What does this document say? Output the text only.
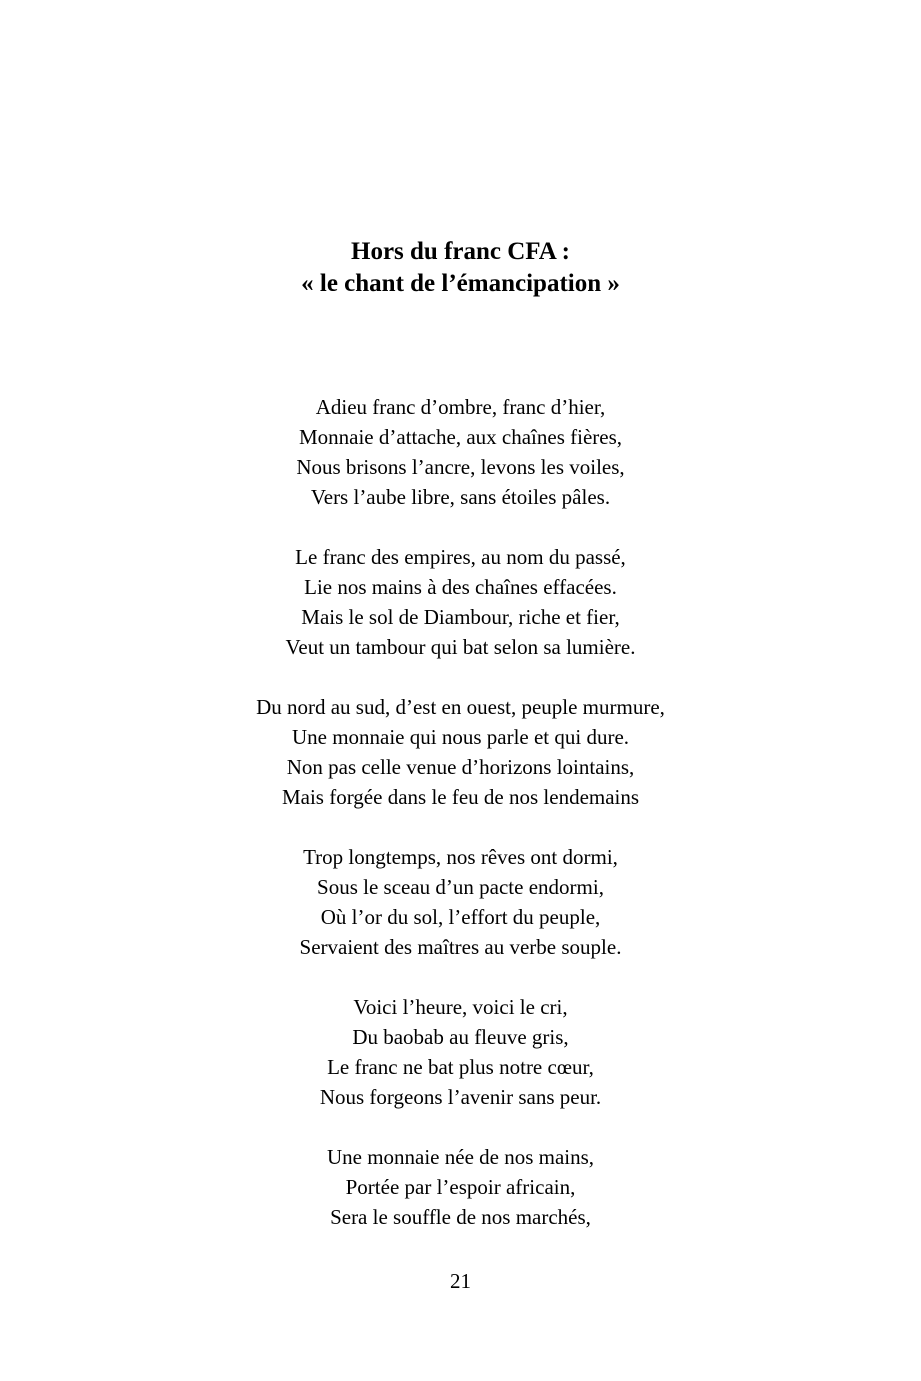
Hors du franc CFA :
« le chant de l’émancipation »
Adieu franc d’ombre, franc d’hier,
Monnaie d’attache, aux chaînes fières,
Nous brisons l’ancre, levons les voiles,
Vers l’aube libre, sans étoiles pâles.
Le franc des empires, au nom du passé,
Lie nos mains à des chaînes effacées.
Mais le sol de Diambour, riche et fier,
Veut un tambour qui bat selon sa lumière.
Du nord au sud, d’est en ouest, peuple murmure,
Une monnaie qui nous parle et qui dure.
Non pas celle venue d’horizons lointains,
Mais forgée dans le feu de nos lendemains
Trop longtemps, nos rêves ont dormi,
Sous le sceau d’un pacte endormi,
Où l’or du sol, l’effort du peuple,
Servaient des maîtres au verbe souple.
Voici l’heure, voici le cri,
Du baobab au fleuve gris,
Le franc ne bat plus notre cœur,
Nous forgeons l’avenir sans peur.
Une monnaie née de nos mains,
Portée par l’espoir africain,
Sera le souffle de nos marchés,
21
